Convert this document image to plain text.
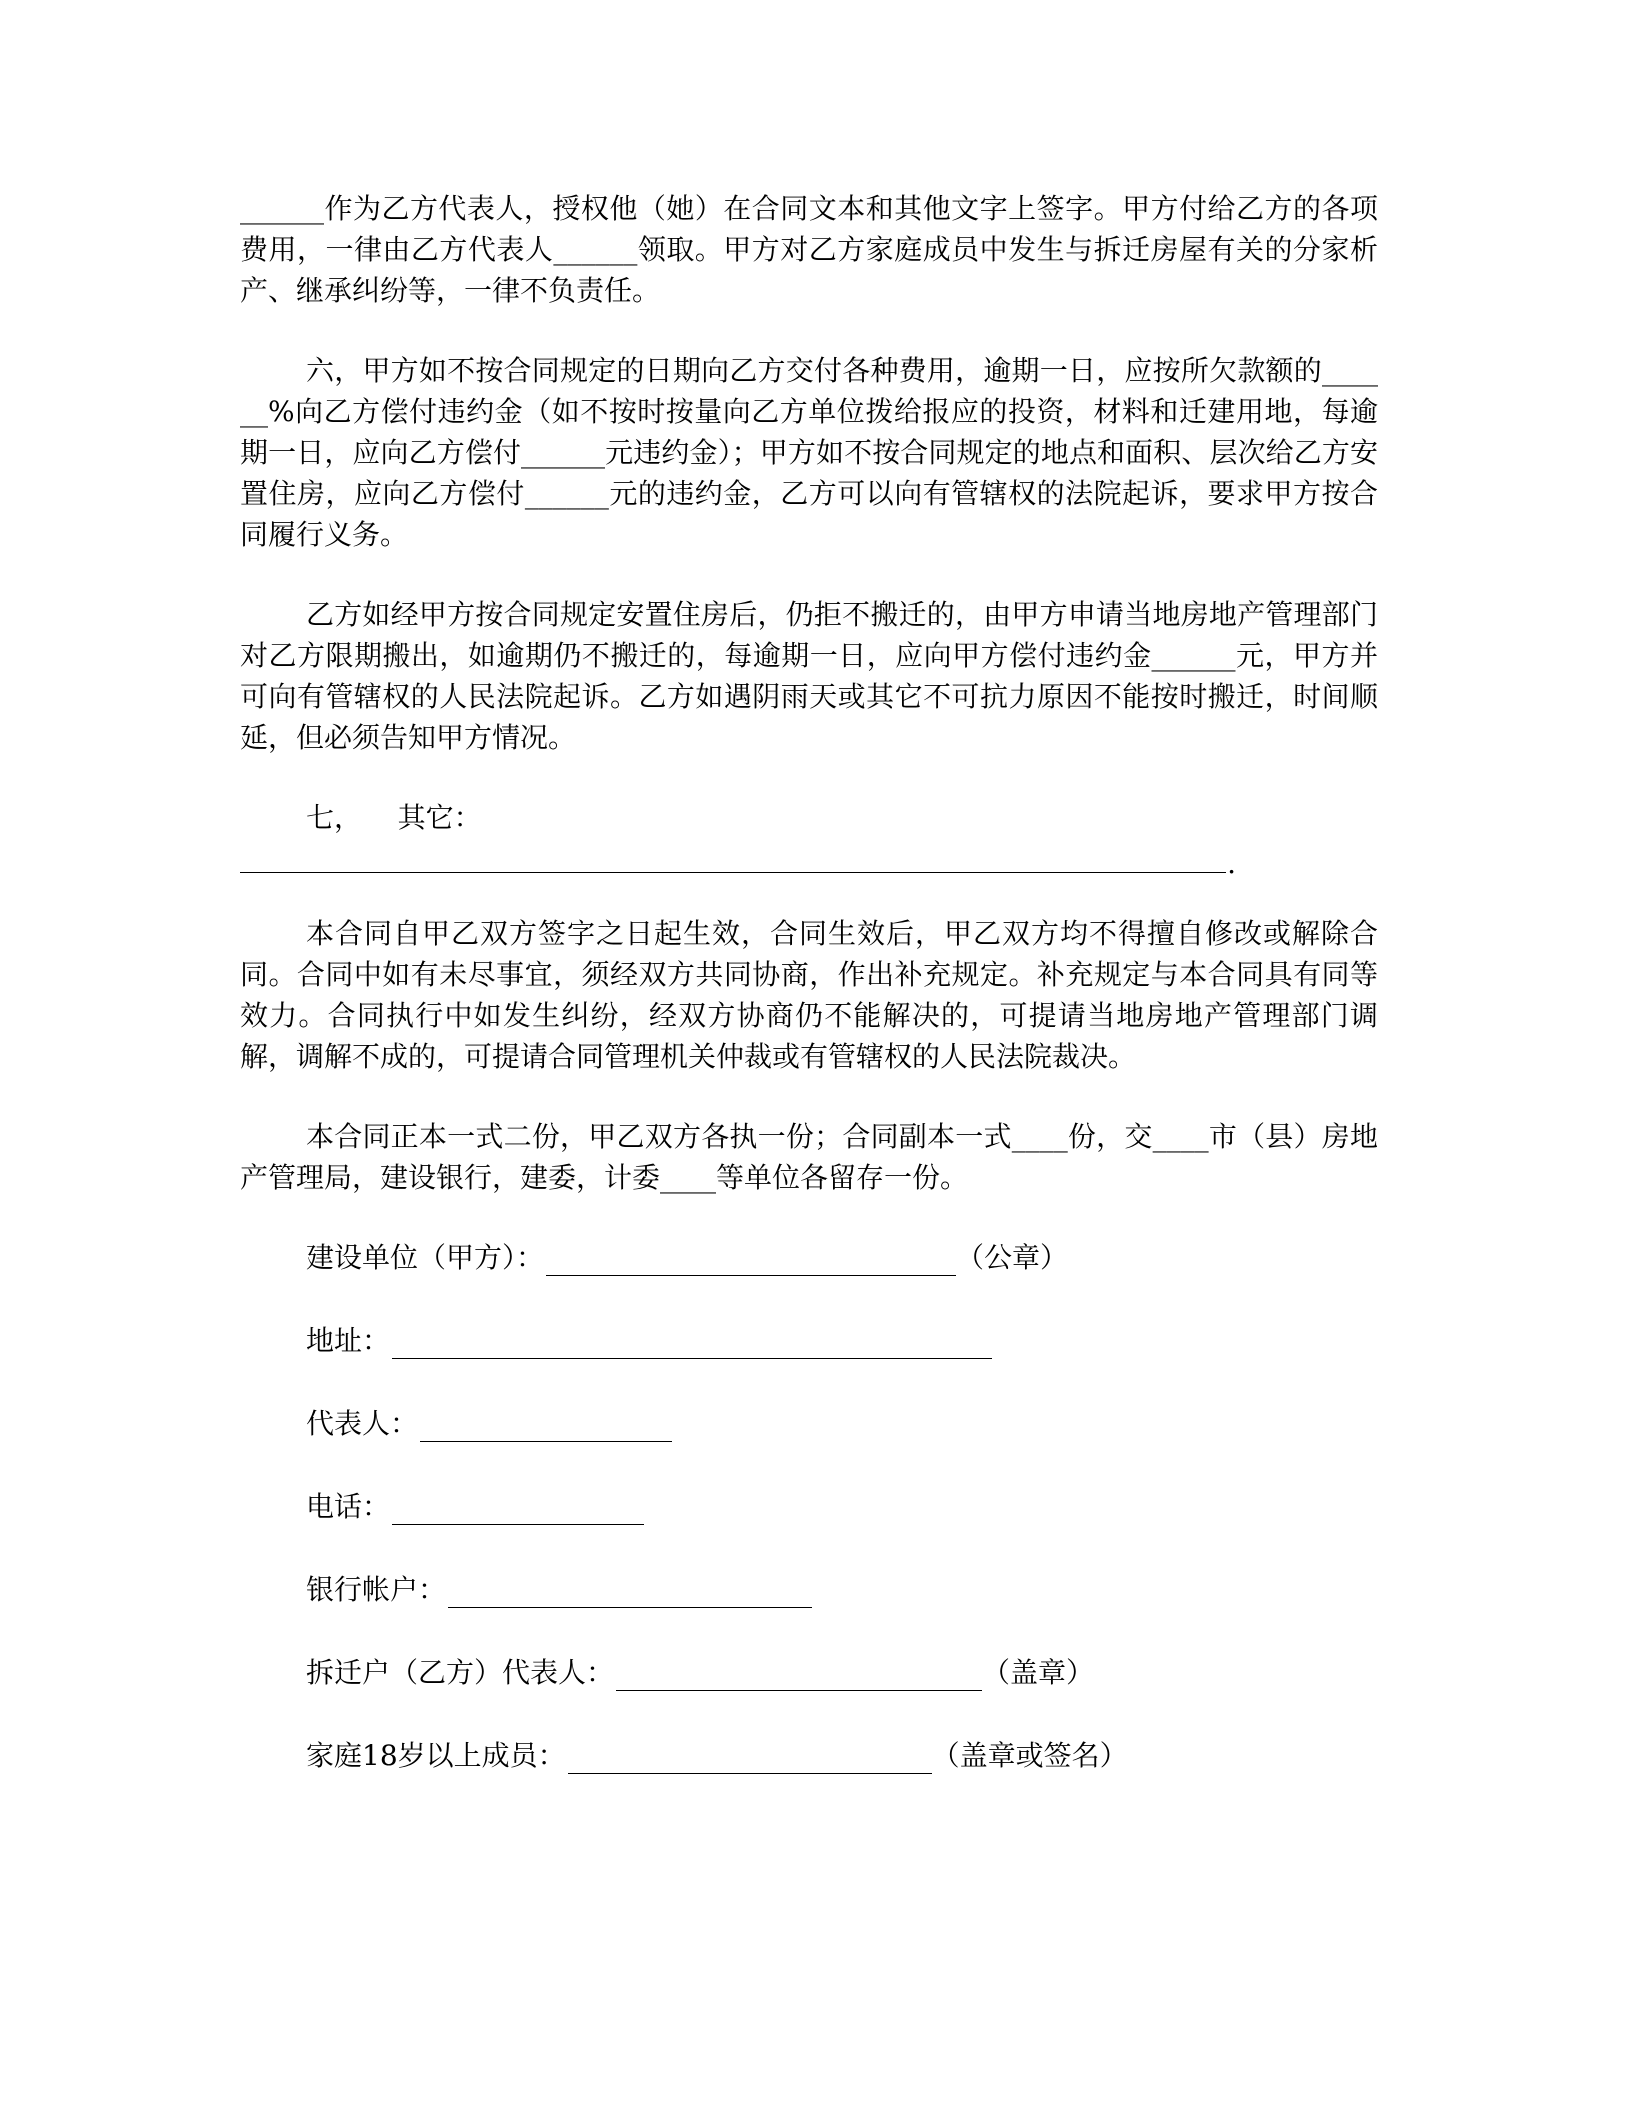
______作为乙方代表人，授权他（她）在合同文本和其他文字上签字。甲方付给乙方的各项费用，一律由乙方代表人______领取。甲方对乙方家庭成员中发生与拆迁房屋有关的分家析产、继承纠纷等，一律不负责任。

六，甲方如不按合同规定的日期向乙方交付各种费用，逾期一日，应按所欠款额的______%向乙方偿付违约金（如不按时按量向乙方单位拨给报应的投资，材料和迁建用地，每逾期一日，应向乙方偿付______元违约金）；甲方如不按合同规定的地点和面积、层次给乙方安置住房，应向乙方偿付______元的违约金，乙方可以向有管辖权的法院起诉，要求甲方按合同履行义务。

乙方如经甲方按合同规定安置住房后，仍拒不搬迁的，由甲方申请当地房地产管理部门对乙方限期搬出，如逾期仍不搬迁的，每逾期一日，应向甲方偿付违约金______元，甲方并可向有管辖权的人民法院起诉。乙方如遇阴雨天或其它不可抗力原因不能按时搬迁，时间顺延，但必须告知甲方情况。

七，    其它：

.

本合同自甲乙双方签字之日起生效，合同生效后，甲乙双方均不得擅自修改或解除合同。合同中如有未尽事宜，须经双方共同协商，作出补充规定。补充规定与本合同具有同等效力。合同执行中如发生纠纷，经双方协商仍不能解决的，可提请当地房地产管理部门调解，调解不成的，可提请合同管理机关仲裁或有管辖权的人民法院裁决。

本合同正本一式二份，甲乙双方各执一份；合同副本一式____份，交____市（县）房地产管理局，建设银行，建委，计委____等单位各留存一份。

建设单位（甲方）：	（公章）
地址：
代表人：
电话：
银行帐户：
拆迁户（乙方）代表人：	（盖章）
家庭18岁以上成员：	（盖章或签名）
